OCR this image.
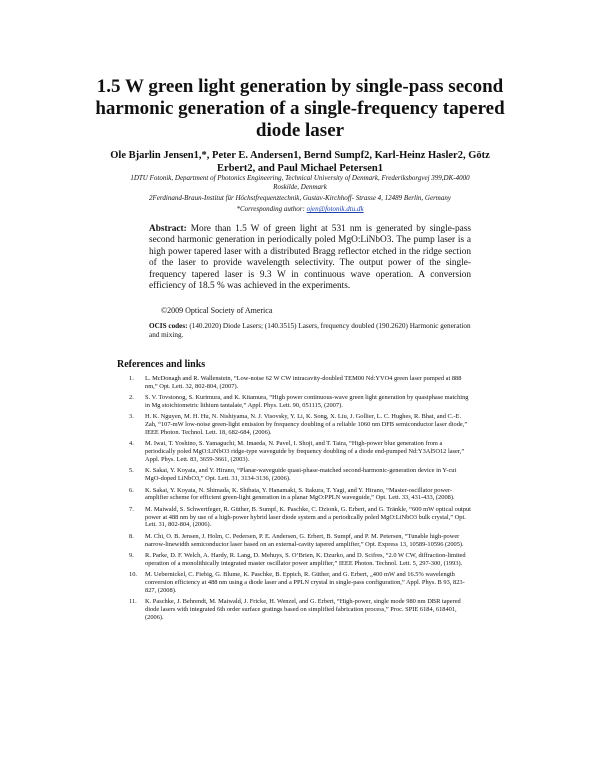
1.5 W green light generation by single-pass second harmonic generation of a single-frequency tapered diode laser

Ole Bjarlin Jensen1,*, Peter E. Andersen1, Bernd Sumpf2, Karl-Heinz Hasler2, Götz Erbert2, and Paul Michael Petersen1

1DTU Fotonik, Department of Photonics Engineering, Technical University of Denmark, Frederiksborgvej 399,DK-4000 Roskilde, Denmark

2Ferdinand-Braun-Institut für Höchstfrequenztechnik, Gustav-Kirchhoff- Strasse 4, 12489 Berlin, Germany

*Corresponding author: ojen@fotonik.dtu.dk

Abstract: More than 1.5 W of green light at 531 nm is generated by single-pass second harmonic generation in periodically poled MgO:LiNbO3. The pump laser is a high power tapered laser with a distributed Bragg reflector etched in the ridge section of the laser to provide wavelength selectivity. The output power of the single-frequency tapered laser is 9.3 W in continuous wave operation. A conversion efficiency of 18.5 % was achieved in the experiments.

©2009 Optical Society of America

OCIS codes: (140.2020) Diode Lasers; (140.3515) Lasers, frequency doubled (190.2620) Harmonic generation and mixing.

References and links
1. L. McDonagh and R. Wallenstein, “Low-noise 62 W CW intracavity-doubled TEM00 Nd:YVO4 green laser pumped at 888 nm,” Opt. Lett. 32, 802-804, (2007).
2. S. V. Tovstonog, S. Kurimura, and K. Kitamura, “High power continuous-wave green light generation by quasiphase matching in Mg stoichiometric lithium tantalate,” Appl. Phys. Lett. 90, 051115, (2007).
3. H. K. Nguyen, M. H. Hu, N. Nishiyama, N. J. Visovsky, Y. Li, K. Song, X. Liu, J. Gollier, L. C. Hughes, R. Bhat, and C.-E. Zah, “107-mW low-noise green-light emission by frequency doubling of a reliable 1060 nm DFB semiconductor laser diode,” IEEE Photon. Technol. Lett. 18, 682-684, (2006).
4. M. Iwai, T. Yoshino, S. Yamaguchi, M. Imaeda, N. Pavel, I. Shoji, and T. Taira, “High-power blue generation from a periodically poled MgO:LiNbO3 ridge-type waveguide by frequency doubling of a diode end-pumped Nd:Y3Al5O12 laser,” Appl. Phys. Lett. 83, 3659-3661, (2003).
5. K. Sakai, Y. Koyata, and Y. Hirano, “Planar-waveguide quasi-phase-matched second-harmonic-generation device in Y-cut MgO-doped LiNbO3,” Opt. Lett. 31, 3134-3136, (2006).
6. K. Sakai, Y. Koyata, N. Shimada, K. Shibata, Y. Hanamaki, S. Itakura, T. Yagi, and Y. Hirano, “Master-oscillator power-amplifier scheme for efficient green-light generation in a planar MgO:PPLN waveguide,” Opt. Lett. 33, 431-433, (2008).
7. M. Maiwald, S. Schwertfeger, R. Güther, B. Sumpf, K. Paschke, C. Dzionk, G. Erbert, and G. Tränkle, “600 mW optical output power at 488 nm by use of a high-power hybrid laser diode system and a periodically poled MgO:LiNbO3 bulk crystal,” Opt. Lett. 31, 802-804, (2006).
8. M. Chi, O. B. Jensen, J. Holm, C. Pedersen, P. E. Andersen, G. Erbert, B. Sumpf, and P. M. Petersen, “Tunable high-power narrow-linewidth semiconductor laser based on an external-cavity tapered amplifier,” Opt. Express 13, 10589-10596 (2005).
9. R. Parke, D. F. Welch, A. Hardy, R. Lang, D. Mehuys, S. O’Brien, K. Dzurko, and D. Scifres, “2.0 W CW, diffraction-limited operation of a monolithically integrated master oscillator power amplifier,” IEEE Photon. Technol. Lett. 5, 297-300, (1993).
10. M. Uebernickel, C. Fiebig, G. Blume, K. Paschke, B. Eppich, R. Güther, and G. Erbert, „400 mW and 16.5% wavelength conversion efficiency at 488 nm using a diode laser and a PPLN crystal in single-pass configuration,” Appl. Phys. B 93, 823-827, (2008).
11. K. Paschke, J. Behrendt, M. Maiwald, J. Fricke, H. Wenzel, and G. Erbert, “High-power, single mode 980 nm DBR tapered diode lasers with integrated 6th order surface gratings based on simplified fabrication process,” Proc. SPIE 6184, 618401, (2006).
